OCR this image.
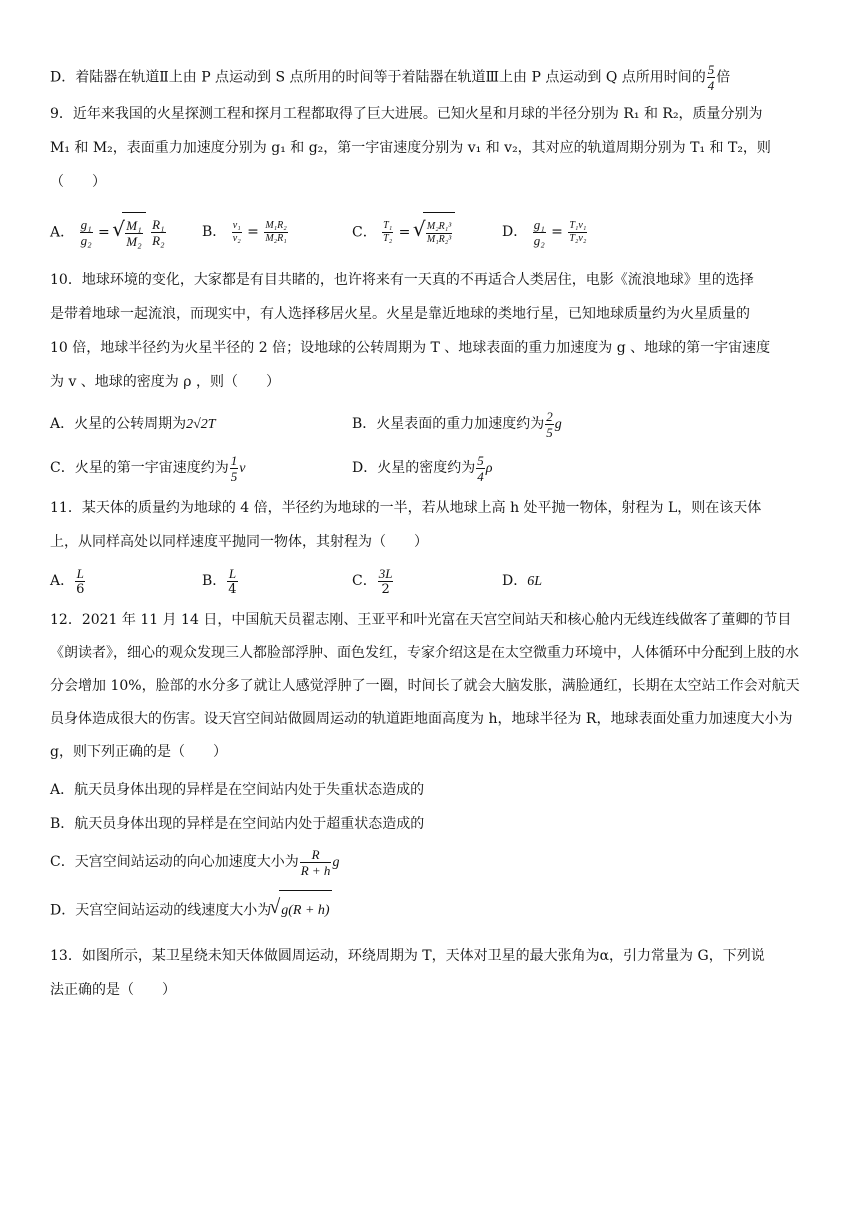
D．着陆器在轨道Ⅱ上由 P 点运动到 S 点所用的时间等于着陆器在轨道Ⅲ上由 P 点运动到 Q 点所用时间的 $\frac{5}{4}$ 倍
9．近年来我国的火星探测工程和探月工程都取得了巨大进展。已知火星和月球的半径分别为 R₁ 和 R₂，质量分别为
M₁ 和 M₂，表面重力加速度分别为 g₁ 和 g₂，第一宇宙速度分别为 v₁ 和 v₂，其对应的轨道周期分别为 T₁ 和 T₂，则
（　　）
A． $\frac{\text{g₁}}{\text{g₂}}$ = √ $\frac{\text{M₁}}{\text{M₂}}$
$\frac{\text{R₁}}{\text{R₂}}$	B． $\frac{\text{v₁}}{\text{v₂}} = \frac{\text{M₁R₂}}{\text{M₂R₁}}$	C． $\frac{\text{T₁}}{\text{T₂}}$ = √ $\frac{\text{M₂R₁³}}{\text{M₁R₂³}}$	D． $\frac{\text{g₁}}{\text{g₂}} = \frac{\text{T₁v₁}}{\text{T₂v₂}}$
10．地球环境的变化，大家都是有目共睹的，也许将来有一天真的不再适合人类居住，电影《流浪地球》里的选择
是带着地球一起流浪，而现实中，有人选择移居火星。火星是靠近地球的类地行星，已知地球质量约为火星质量的
10 倍，地球半径约为火星半径的 2 倍；设地球的公转周期为 T 、地球表面的重力加速度为 g 、地球的第一宇宙速度
为 v 、地球的密度为 ρ ，则（　　）
A．火星的公转周期为2√2T	B．火星表面的重力加速度约为 $\frac{2}{5}$ g
C．火星的第一宇宙速度约为 $\frac{1}{5}$ v	D．火星的密度约为 $\frac{5}{4}$ ρ
11．某天体的质量约为地球的 4 倍，半径约为地球的一半，若从地球上高 h 处平抛一物体，射程为 L，则在该天体
上，从同样高处以同样速度平抛同一物体，其射程为（　　）
A． $\frac{L}{6}$	B． $\frac{L}{4}$	C． $\frac{3L}{2}$	D．6L
12．2021 年 11 月 14 日，中国航天员翟志刚、王亚平和叶光富在天宫空间站天和核心舱内无线连线做客了董卿的节目《朗读者》，细心的观众发现三人都脸部浮肿、面色发红，专家介绍这是在太空微重力环境中，人体循环中分配到上肢的水分会增加 10%，脸部的水分多了就让人感觉浮肿了一圈，时间长了就会大脑发胀，满脸通红，长期在太空站工作会对航天员身体造成很大的伤害。设天宫空间站做圆周运动的轨道距地面高度为 h，地球半径为 R，地球表面处重力加速度大小为 g，则下列正确的是（　　）
A．航天员身体出现的异样是在空间站内处于失重状态造成的
B．航天员身体出现的异样是在空间站内处于超重状态造成的
C．天宫空间站运动的向心加速度大小为 $\frac{R}{R + h}$ g
D．天宫空间站运动的线速度大小为 √ g(R + h)
13．如图所示，某卫星绕未知天体做圆周运动，环绕周期为 T，天体对卫星的最大张角为α，引力常量为 G，下列说
法正确的是（　　）
